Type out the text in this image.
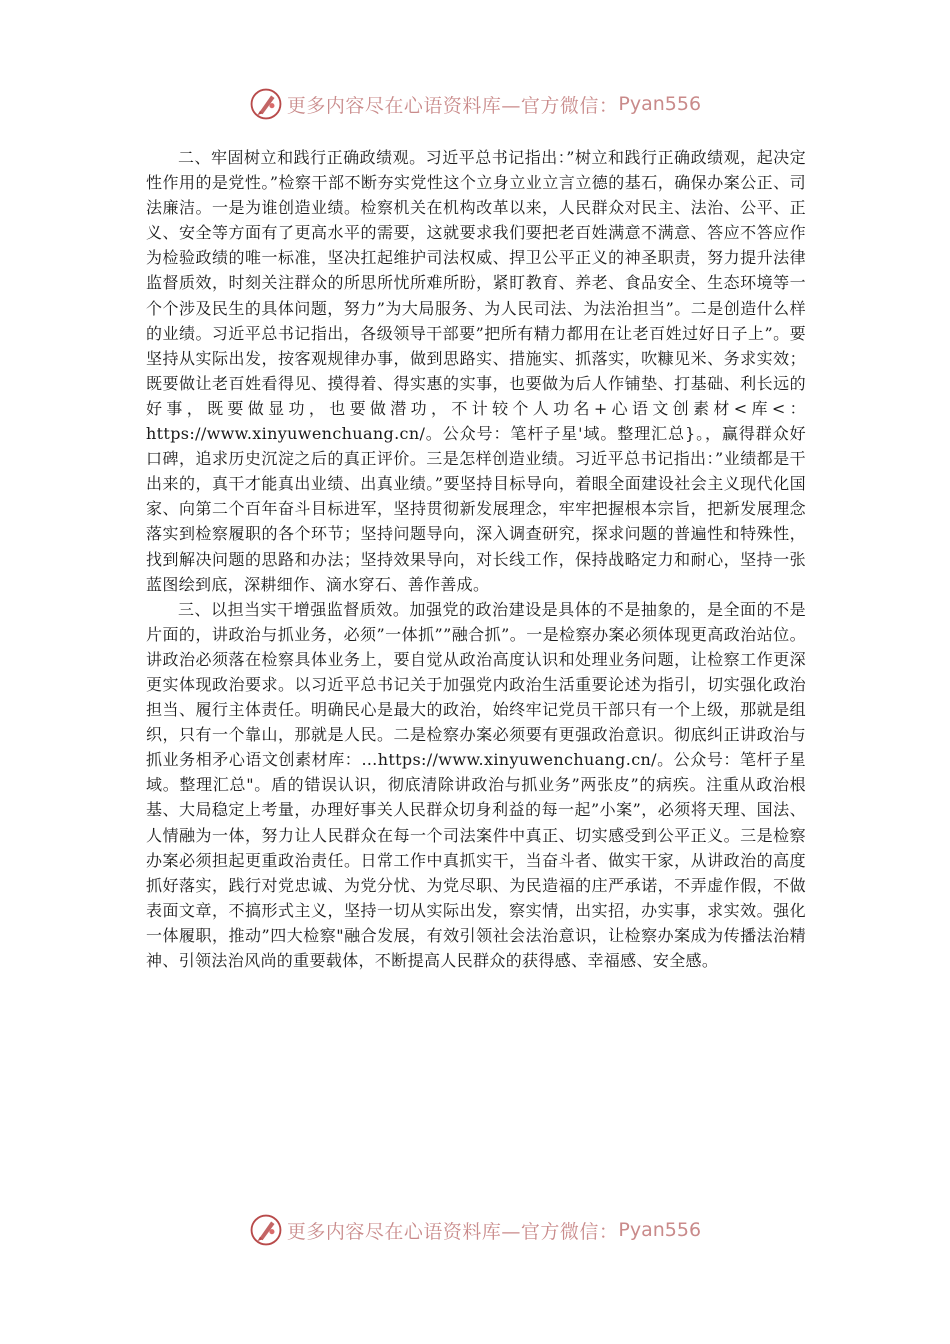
更多内容尽在心语资料库—官方微信： Pyan556

二、牢固树立和践行正确政绩观。习近平总书记指出：”树立和践行正确政绩观，起决定性作用的是党性。”检察干部不断夯实党性这个立身立业立言立德的基石，确保办案公正、司法廉洁。一是为谁创造业绩。检察机关在机构改革以来，人民群众对民主、法治、公平、正义、安全等方面有了更高水平的需要，这就要求我们要把老百姓满意不满意、答应不答应作为检验政绩的唯一标准，坚决扛起维护司法权威、捍卫公平正义的神圣职责，努力提升法律监督质效，时刻关注群众的所思所忧所难所盼，紧盯教育、养老、食品安全、生态环境等一个个涉及民生的具体问题，努力”为大局服务、为人民司法、为法治担当”。二是创造什么样的业绩。习近平总书记指出，各级领导干部要”把所有精力都用在让老百姓过好日子上”。要坚持从实际出发，按客观规律办事，做到思路实、措施实、抓落实，吹糠见米、务求实效；既要做让老百姓看得见、摸得着、得实惠的实事，也要做为后人作铺垫、打基础、利长远的好事，既要做显功，也要做潜功，不计较个人功名+心语文创素材<库<：https://www.xinyuwenchuang.cn/。公众号：笔杆子星'域。整理汇总}。，赢得群众好口碑，追求历史沉淀之后的真正评价。三是怎样创造业绩。习近平总书记指出：”业绩都是干出来的，真干才能真出业绩、出真业绩。”要坚持目标导向，着眼全面建设社会主义现代化国家、向第二个百年奋斗目标进军，坚持贯彻新发展理念，牢牢把握根本宗旨，把新发展理念落实到检察履职的各个环节；坚持问题导向，深入调查研究，探求问题的普遍性和特殊性，找到解决问题的思路和办法；坚持效果导向，对长线工作，保持战略定力和耐心，坚持一张蓝图绘到底，深耕细作、滴水穿石、善作善成。

三、以担当实干增强监督质效。加强党的政治建设是具体的不是抽象的，是全面的不是片面的，讲政治与抓业务，必须”一体抓””融合抓”。一是检察办案必须体现更高政治站位。讲政治必须落在检察具体业务上，要自觉从政治高度认识和处理业务问题，让检察工作更深更实体现政治要求。以习近平总书记关于加强党内政治生活重要论述为指引，切实强化政治担当、履行主体责任。明确民心是最大的政治，始终牢记党员干部只有一个上级，那就是组织，只有一个靠山，那就是人民。二是检察办案必须要有更强政治意识。彻底纠正讲政治与抓业务相矛心语文创素材库：…https://www.xinyuwenchuang.cn/。公众号：笔杆子星域。整理汇总"。盾的错误认识，彻底清除讲政治与抓业务”两张皮”的病疾。注重从政治根基、大局稳定上考量，办理好事关人民群众切身利益的每一起”小案”，必须将天理、国法、人情融为一体，努力让人民群众在每一个司法案件中真正、切实感受到公平正义。三是检察办案必须担起更重政治责任。日常工作中真抓实干，当奋斗者、做实干家，从讲政治的高度抓好落实，践行对党忠诚、为党分忧、为党尽职、为民造福的庄严承诺，不弄虚作假，不做表面文章，不搞形式主义，坚持一切从实际出发，察实情，出实招，办实事，求实效。强化一体履职，推动”四大检察"融合发展，有效引领社会法治意识，让检察办案成为传播法治精神、引领法治风尚的重要载体，不断提高人民群众的获得感、幸福感、安全感。

更多内容尽在心语资料库—官方微信： Pyan556
